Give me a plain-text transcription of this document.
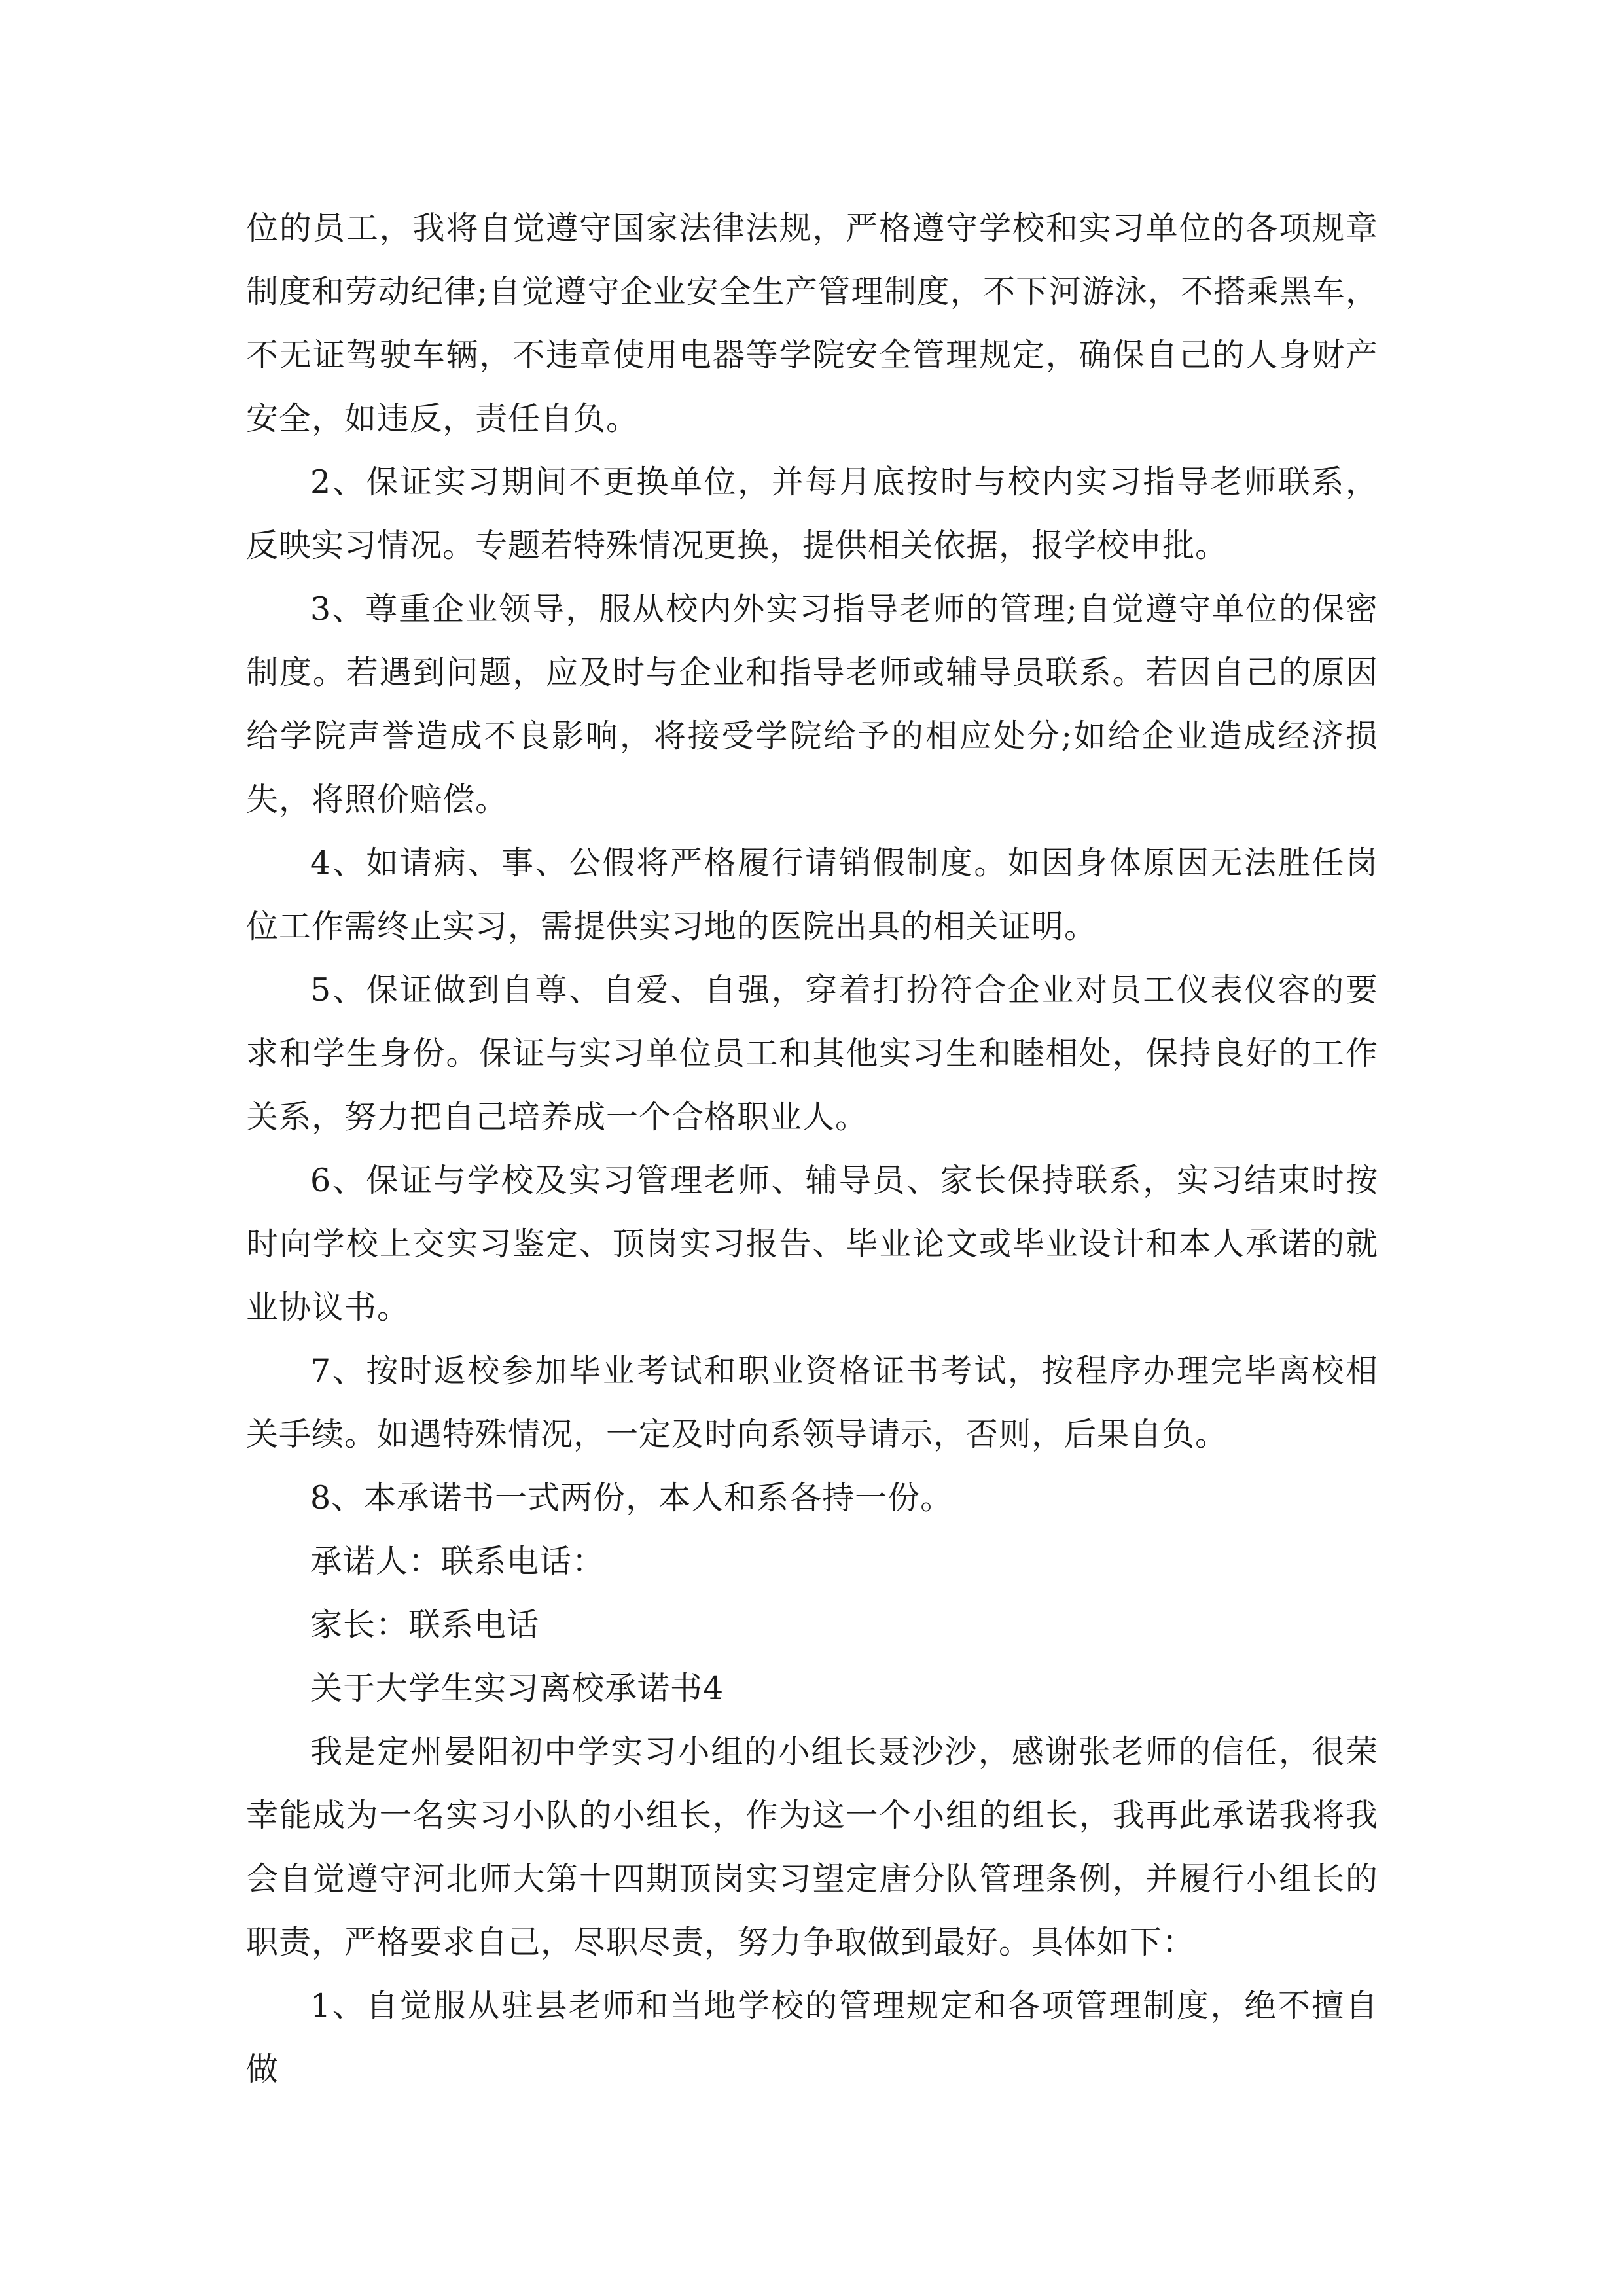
位的员工，我将自觉遵守国家法律法规，严格遵守学校和实习单位的各项规章制度和劳动纪律;自觉遵守企业安全生产管理制度，不下河游泳，不搭乘黑车，不无证驾驶车辆，不违章使用电器等学院安全管理规定，确保自己的人身财产安全，如违反，责任自负。

2、保证实习期间不更换单位，并每月底按时与校内实习指导老师联系，反映实习情况。专题若特殊情况更换，提供相关依据，报学校申批。

3、尊重企业领导，服从校内外实习指导老师的管理;自觉遵守单位的保密制度。若遇到问题，应及时与企业和指导老师或辅导员联系。若因自己的原因给学院声誉造成不良影响，将接受学院给予的相应处分;如给企业造成经济损失，将照价赔偿。

4、如请病、事、公假将严格履行请销假制度。如因身体原因无法胜任岗位工作需终止实习，需提供实习地的医院出具的相关证明。

5、保证做到自尊、自爱、自强，穿着打扮符合企业对员工仪表仪容的要求和学生身份。保证与实习单位员工和其他实习生和睦相处，保持良好的工作关系，努力把自己培养成一个合格职业人。

6、保证与学校及实习管理老师、辅导员、家长保持联系，实习结束时按时向学校上交实习鉴定、顶岗实习报告、毕业论文或毕业设计和本人承诺的就业协议书。

7、按时返校参加毕业考试和职业资格证书考试，按程序办理完毕离校相关手续。如遇特殊情况，一定及时向系领导请示，否则，后果自负。

8、本承诺书一式两份，本人和系各持一份。

承诺人：联系电话：

家长：联系电话

关于大学生实习离校承诺书4

我是定州晏阳初中学实习小组的小组长聂沙沙，感谢张老师的信任，很荣幸能成为一名实习小队的小组长，作为这一个小组的组长，我再此承诺我将我会自觉遵守河北师大第十四期顶岗实习望定唐分队管理条例，并履行小组长的职责，严格要求自己，尽职尽责，努力争取做到最好。具体如下：

1、自觉服从驻县老师和当地学校的管理规定和各项管理制度，绝不擅自做
